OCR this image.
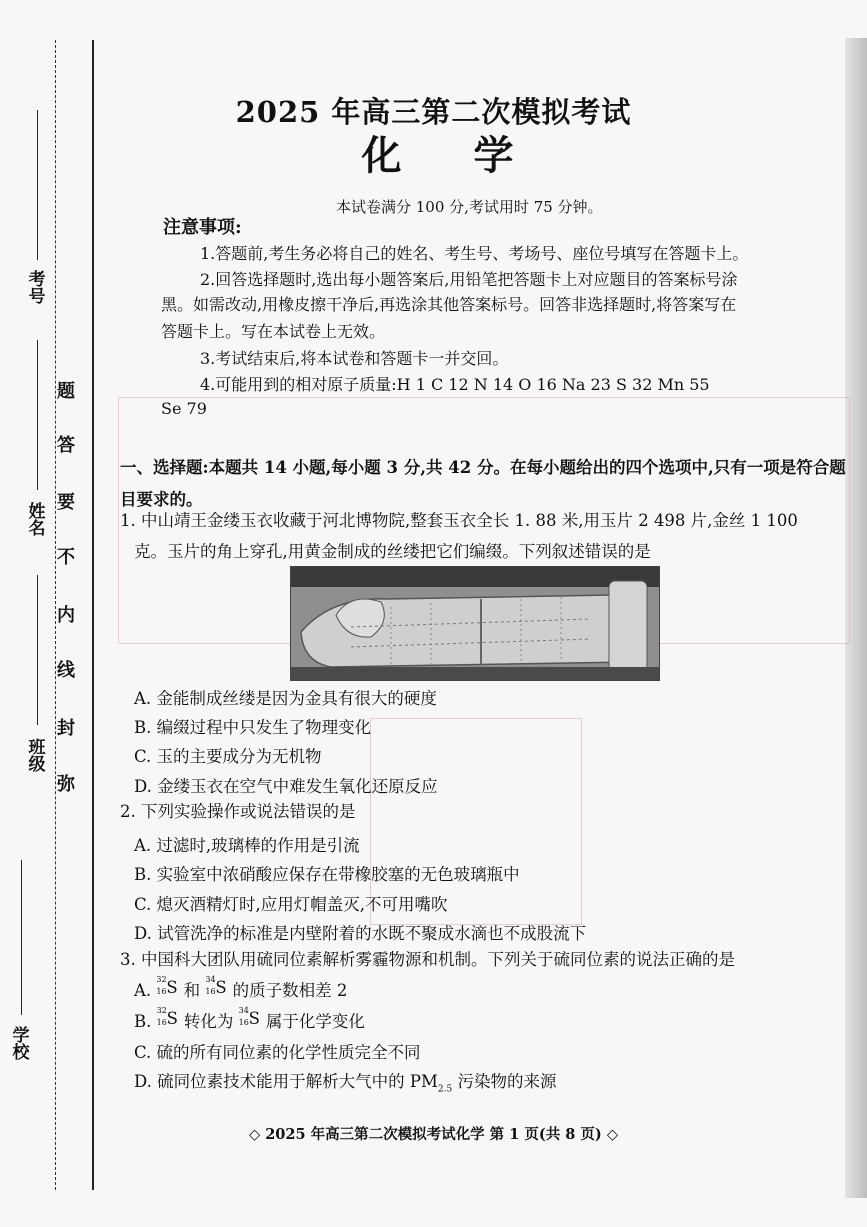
考号
姓名
班级
学校
题
答
要
不
内
线
封
弥
2025 年高三第二次模拟考试
化学
本试卷满分 100 分,考试用时 75 分钟。
注意事项:
1.答题前,考生务必将自己的姓名、考生号、考场号、座位号填写在答题卡上。
2.回答选择题时,选出每小题答案后,用铅笔把答题卡上对应题目的答案标号涂
黑。如需改动,用橡皮擦干净后,再选涂其他答案标号。回答非选择题时,将答案写在
答题卡上。写在本试卷上无效。
3.考试结束后,将本试卷和答题卡一并交回。
4.可能用到的相对原子质量:H 1 C 12 N 14 O 16 Na 23 S 32 Mn 55
Se 79
一、选择题:本题共 14 小题,每小题 3 分,共 42 分。在每小题给出的四个选项中,只有一项是符合题目要求的。
1. 中山靖王金缕玉衣收藏于河北博物院,整套玉衣全长 1. 88 米,用玉片 2 498 片,金丝 1 100
克。玉片的角上穿孔,用黄金制成的丝缕把它们编缀。下列叙述错误的是
A. 金能制成丝缕是因为金具有很大的硬度
B. 编缀过程中只发生了物理变化
C. 玉的主要成分为无机物
D. 金缕玉衣在空气中难发生氧化还原反应
2. 下列实验操作或说法错误的是
A. 过滤时,玻璃棒的作用是引流
B. 实验室中浓硝酸应保存在带橡胶塞的无色玻璃瓶中
C. 熄灭酒精灯时,应用灯帽盖灭,不可用嘴吹
D. 试管洗净的标准是内壁附着的水既不聚成水滴也不成股流下
3. 中国科大团队用硫同位素解析雾霾物源和机制。下列关于硫同位素的说法正确的是
A.
32
16 S 和
34
16 S 的质子数相差 2
B.
32
16 S 转化为
34
16 S 属于化学变化
C. 硫的所有同位素的化学性质完全不同
D. 硫同位素技术能用于解析大气中的 $PM_{2.5}$ 污染物的来源
◇ 2025 年高三第二次模拟考试化学 第 1 页(共 8 页) ◇
